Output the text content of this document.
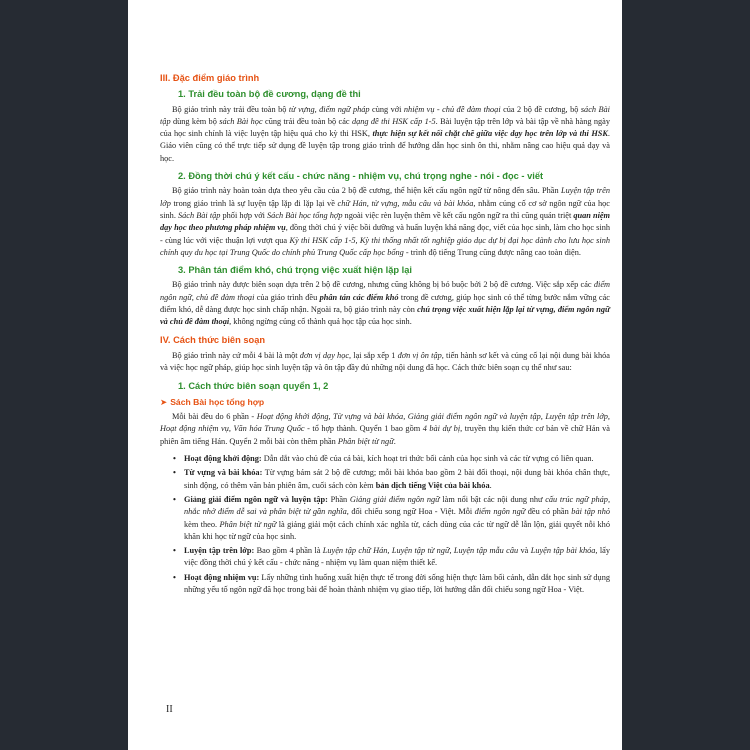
III. Đặc điểm giáo trình
1. Trải đều toàn bộ đề cương, dạng đề thi

Bộ giáo trình này trải đều toàn bộ từ vựng, điểm ngữ pháp cùng với nhiệm vụ - chủ đề đàm thoại của 2 bộ đề cương, bộ sách Bài tập dùng kèm bộ sách Bài học cũng trải đều toàn bộ các dạng đề thi HSK cấp 1-5. Bài luyện tập trên lớp và bài tập về nhà hàng ngày của học sinh chính là việc luyện tập hiệu quả cho kỳ thi HSK, thực hiện sự kết nối chặt chẽ giữa việc dạy học trên lớp và thi HSK. Giáo viên cũng có thể trực tiếp sử dụng đề luyện tập trong giáo trình để hướng dẫn học sinh ôn thi, nhằm nâng cao hiệu quả dạy và học.

2. Đồng thời chú ý kết cấu - chức năng - nhiệm vụ, chú trọng nghe - nói - đọc - viết

Bộ giáo trình này hoàn toàn dựa theo yêu cầu của 2 bộ đề cương, thể hiện kết cấu ngôn ngữ từ nông đến sâu. Phần Luyện tập trên lớp trong giáo trình là sự luyện tập lặp đi lặp lại về chữ Hán, từ vựng, mẫu câu và bài khóa, nhằm củng cố cơ sở ngôn ngữ của học sinh. Sách Bài tập phối hợp với Sách Bài học tổng hợp ngoài việc rèn luyện thêm về kết cấu ngôn ngữ ra thì cũng quán triệt quan niệm dạy học theo phương pháp nhiệm vụ, đồng thời chú ý việc bồi dưỡng và huấn luyện khả năng đọc, viết của học sinh, làm cho học sinh - cùng lúc với việc thuận lợi vượt qua Kỳ thi HSK cấp 1-5, Kỳ thi thống nhất tốt nghiệp giáo dục dự bị đại học dành cho lưu học sinh chính quy du học tại Trung Quốc do chính phủ Trung Quốc cấp học bổng - trình độ tiếng Trung cũng được nâng cao toàn diện.

3. Phân tán điểm khó, chú trọng việc xuất hiện lặp lại

Bộ giáo trình này được biên soạn dựa trên 2 bộ đề cương, nhưng cũng không bị bó buộc bởi 2 bộ đề cương. Việc sắp xếp các điểm ngôn ngữ, chủ đề đàm thoại của giáo trình đều phân tán các điểm khó trong đề cương, giúp học sinh có thể từng bước nắm vững các điểm khó, dễ dàng được học sinh chấp nhận. Ngoài ra, bộ giáo trình này còn chú trọng việc xuất hiện lặp lại từ vựng, điểm ngôn ngữ và chủ đề đàm thoại, không ngừng củng cố thành quả học tập của học sinh.

IV. Cách thức biên soạn

Bộ giáo trình này cứ mỗi 4 bài là một đơn vị dạy học, lại sắp xếp 1 đơn vị ôn tập, tiến hành sơ kết và củng cố lại nội dung bài khóa và việc học ngữ pháp, giúp học sinh luyện tập và ôn tập đầy đủ những nội dung đã học. Cách thức biên soạn cụ thể như sau:

1. Cách thức biên soạn quyển 1, 2
➤ Sách Bài học tổng hợp

Mỗi bài đều do 6 phần - Hoạt động khởi động, Từ vựng và bài khóa, Giảng giải điểm ngôn ngữ và luyện tập, Luyện tập trên lớp, Hoạt động nhiệm vụ, Văn hóa Trung Quốc - tổ hợp thành. Quyển 1 bao gồm 4 bài dự bị, truyền thụ kiến thức cơ bản về chữ Hán và phiên âm tiếng Hán. Quyển 2 mỗi bài còn thêm phần Phân biệt từ ngữ.

• Hoạt động khởi động: Dẫn dắt vào chủ đề của cả bài, kích hoạt tri thức bối cảnh của học sinh và các từ vựng có liên quan.
• Từ vựng và bài khóa: Từ vựng bám sát 2 bộ đề cương; mỗi bài khóa bao gồm 2 bài đối thoại, nội dung bài khóa chân thực, sinh động, có thêm văn bản phiên âm, cuối sách còn kèm bản dịch tiếng Việt của bài khóa.
• Giảng giải điểm ngôn ngữ và luyện tập: Phần Giảng giải điểm ngôn ngữ làm nổi bật các nội dung như cấu trúc ngữ pháp, nhắc nhở điểm dễ sai và phân biệt từ gần nghĩa, đối chiếu song ngữ Hoa - Việt. Mỗi điểm ngôn ngữ đều có phần bài tập nhỏ kèm theo. Phân biệt từ ngữ là giảng giải một cách chính xác nghĩa từ, cách dùng của các từ ngữ dễ lẫn lộn, giải quyết nỗi khó khăn khi học từ ngữ của học sinh.
• Luyện tập trên lớp: Bao gồm 4 phần là Luyện tập chữ Hán, Luyện tập từ ngữ, Luyện tập mẫu câu và Luyện tập bài khóa, lấy việc đồng thời chú ý kết cấu - chức năng - nhiệm vụ làm quan niệm thiết kế.
• Hoạt động nhiệm vụ: Lấy những tình huống xuất hiện thực tế trong đời sống hiện thực làm bối cảnh, dẫn dắt học sinh sử dụng những yếu tố ngôn ngữ đã học trong bài để hoàn thành nhiệm vụ giao tiếp, lời hướng dẫn đối chiếu song ngữ Hoa - Việt.
II
